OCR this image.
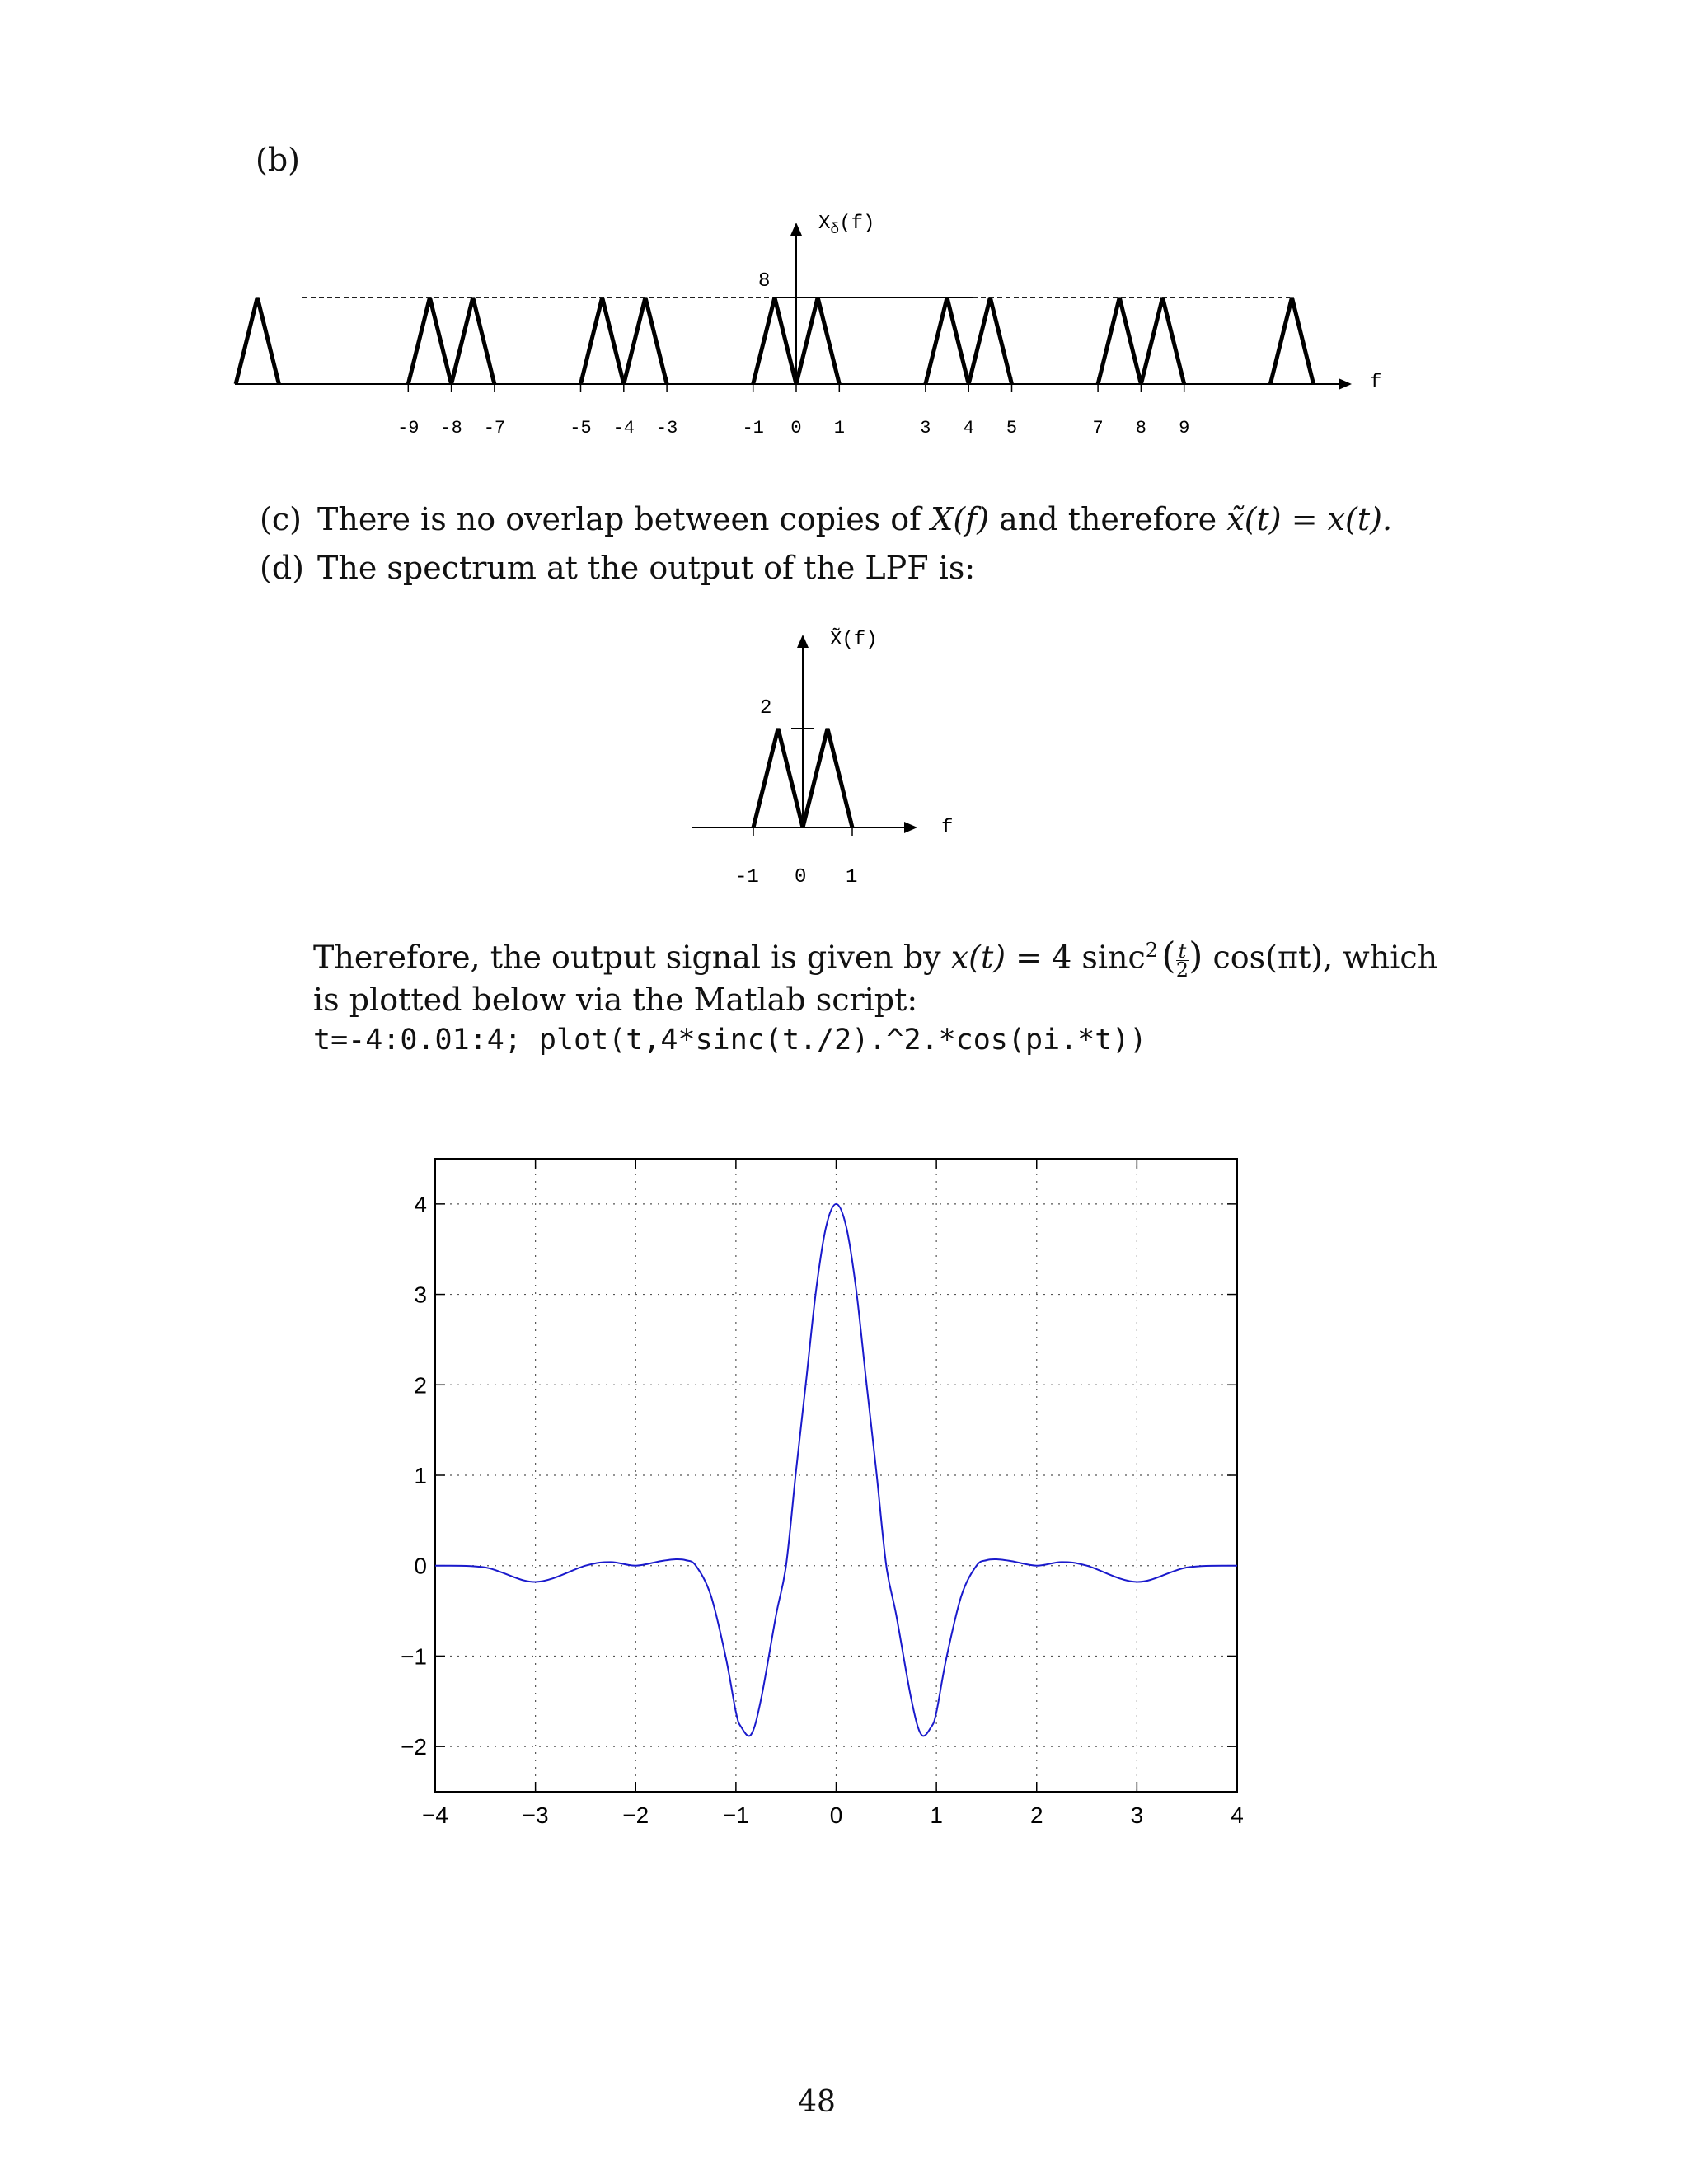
(b)
$X_\delta(f)$
8
f
-9 -8 -7	-5 -4 -3	-1 0 1	3 4 5	7 8 9
(c) There is no overlap between copies of X(f) and therefore x̃(t) = x(t).
(d) The spectrum at the output of the LPF is:
X̃(f)
2
f
-1 0 1
Therefore, the output signal is given by x(t) = 4 sinc$^2$ ( $\frac{t}{2}$ ) cos(πt), which is plotted below via the Matlab script:
t=-4:0.01:4; plot(t,4*sinc(t./2).^2.*cos(pi.*t))
−4	−3	−2	−1	0	1	2	3	4
4
3
2
1
0
−1
−2
48
